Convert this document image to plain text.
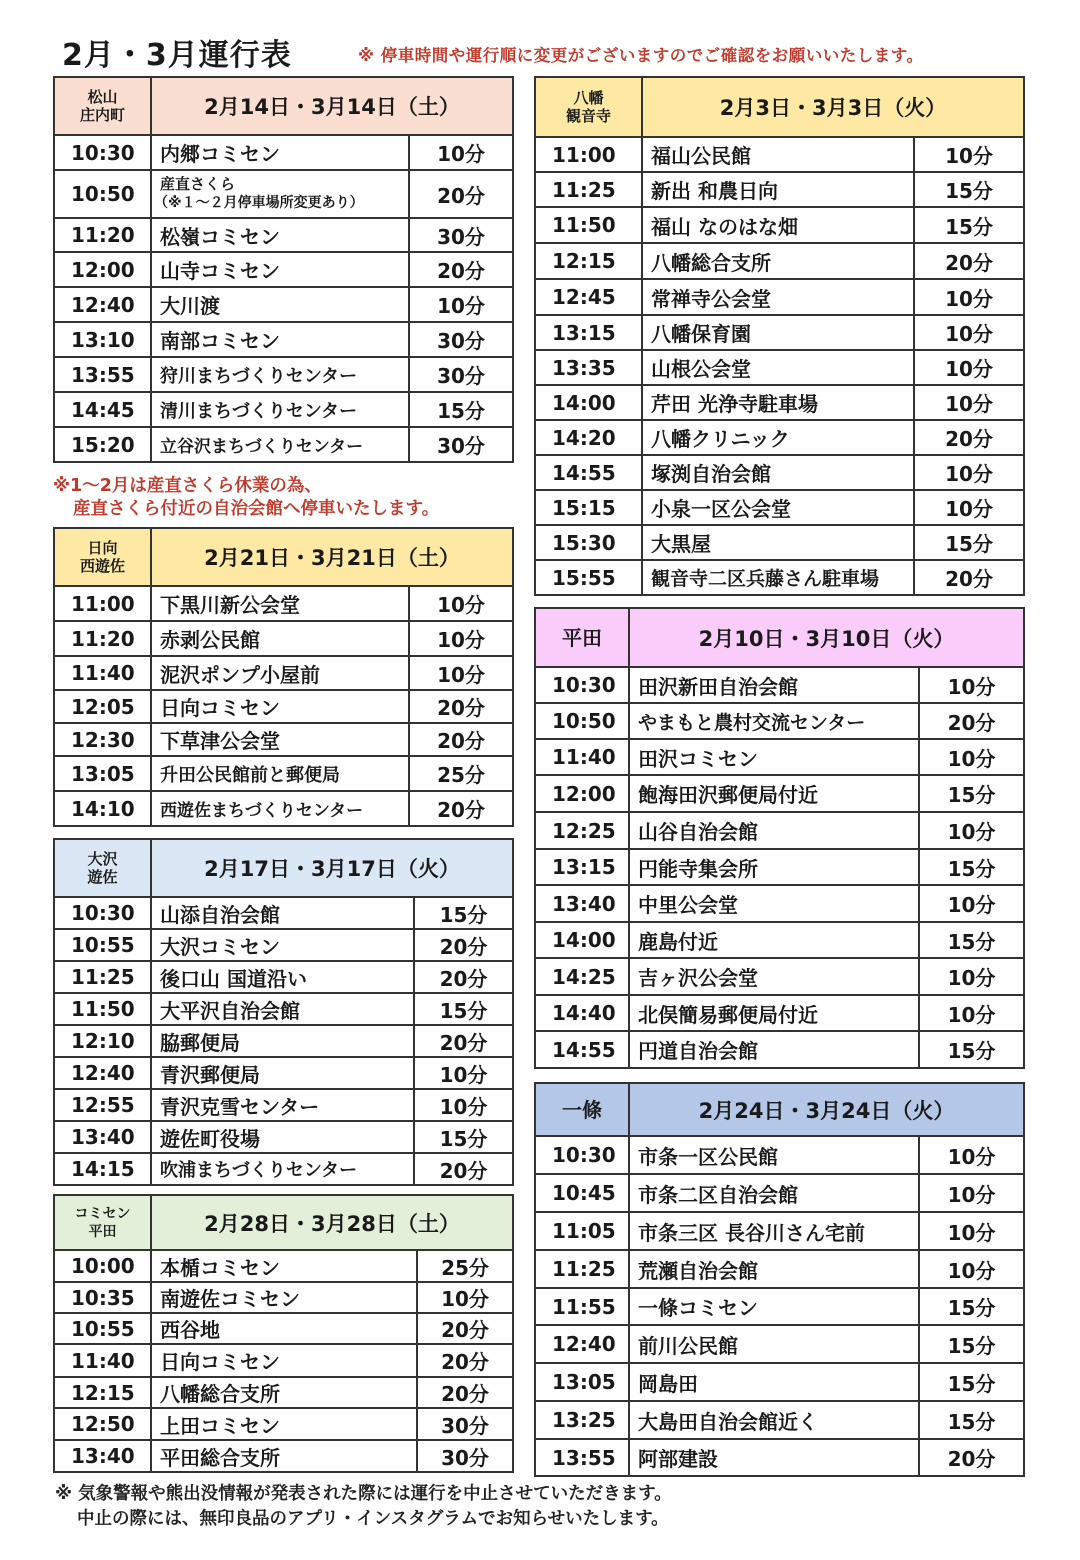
2月・3月運行表	※ 停車時間や運行順に変更がございますのでご確認をお願いいたします。
松山
庄内町	2月14日・3月14日（土）	
10:30	内郷コミセン	10分
10:50	産直さくら
（※１～２月停車場所変更あり）	20分
11:20	松嶺コミセン	30分
12:00	山寺コミセン	20分
12:40	大川渡	10分
13:10	南部コミセン	30分
13:55	狩川まちづくりセンター	30分
14:45	清川まちづくりセンター	15分
15:20	立谷沢まちづくりセンター	30分
※1～2月は産直さくら休業の為、
産直さくら付近の自治会館へ停車いたします。
日向
西遊佐	2月21日・3月21日（土）	
11:00	下黒川新公会堂	10分
11:20	赤剥公民館	10分
11:40	泥沢ポンプ小屋前	10分
12:05	日向コミセン	20分
12:30	下草津公会堂	20分
13:05	升田公民館前と郵便局	25分
14:10	西遊佐まちづくりセンター	20分
大沢
遊佐	2月17日・3月17日（火）	
10:30	山添自治会館	15分
10:55	大沢コミセン	20分
11:25	後口山 国道沿い	20分
11:50	大平沢自治会館	15分
12:10	脇郵便局	20分
12:40	青沢郵便局	10分
12:55	青沢克雪センター	10分
13:40	遊佐町役場	15分
14:15	吹浦まちづくりセンター	20分
コミセン
平田	2月28日・3月28日（土）	
10:00	本楯コミセン	25分
10:35	南遊佐コミセン	10分
10:55	西谷地	20分
11:40	日向コミセン	20分
12:15	八幡総合支所	20分
12:50	上田コミセン	30分
13:40	平田総合支所	30分
八幡
観音寺	2月3日・3月3日（火）	
11:00	福山公民館	10分
11:25	新出 和農日向	15分
11:50	福山 なのはな畑	15分
12:15	八幡総合支所	20分
12:45	常禅寺公会堂	10分
13:15	八幡保育園	10分
13:35	山根公会堂	10分
14:00	芹田 光浄寺駐車場	10分
14:20	八幡クリニック	20分
14:55	塚渕自治会館	10分
15:15	小泉一区公会堂	10分
15:30	大黒屋	15分
15:55	観音寺二区兵藤さん駐車場	20分
平田	2月10日・3月10日（火）	
10:30	田沢新田自治会館	10分
10:50	やまもと農村交流センター	20分
11:40	田沢コミセン	10分
12:00	飽海田沢郵便局付近	15分
12:25	山谷自治会館	10分
13:15	円能寺集会所	15分
13:40	中里公会堂	10分
14:00	鹿島付近	15分
14:25	吉ヶ沢公会堂	10分
14:40	北俣簡易郵便局付近	10分
14:55	円道自治会館	15分
一條	2月24日・3月24日（火）	
10:30	市条一区公民館	10分
10:45	市条二区自治会館	10分
11:05	市条三区 長谷川さん宅前	10分
11:25	荒瀬自治会館	10分
11:55	一條コミセン	15分
12:40	前川公民館	15分
13:05	岡島田	15分
13:25	大島田自治会館近く	15分
13:55	阿部建設	20分
※ 気象警報や熊出没情報が発表された際には運行を中止させていただきます。
中止の際には、無印良品のアプリ・インスタグラムでお知らせいたします。
